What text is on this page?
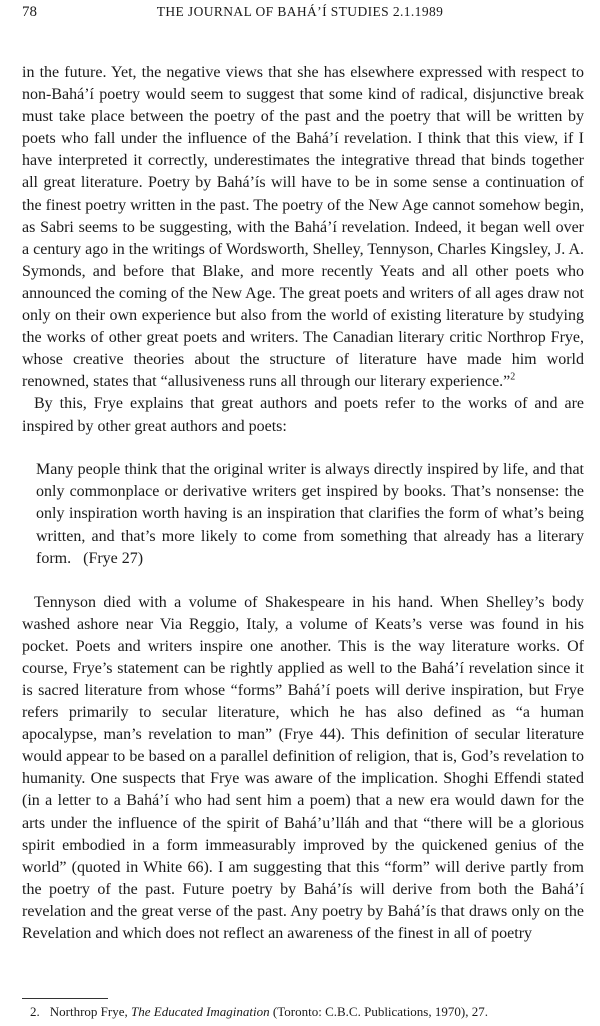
78	THE JOURNAL OF BAHÁ’Í STUDIES 2.1.1989

in the future. Yet, the negative views that she has elsewhere expressed with respect to non-Bahá’í poetry would seem to suggest that some kind of radical, disjunctive break must take place between the poetry of the past and the poetry that will be written by poets who fall under the influence of the Bahá’í revelation. I think that this view, if I have interpreted it correctly, underestimates the integrative thread that binds together all great literature. Poetry by Bahá’ís will have to be in some sense a continuation of the finest poetry written in the past. The poetry of the New Age cannot somehow begin, as Sabri seems to be suggesting, with the Bahá’í revelation. Indeed, it began well over a century ago in the writings of Wordsworth, Shelley, Tennyson, Charles Kingsley, J. A. Symonds, and before that Blake, and more recently Yeats and all other poets who announced the coming of the New Age. The great poets and writers of all ages draw not only on their own experience but also from the world of existing literature by studying the works of other great poets and writers. The Canadian literary critic Northrop Frye, whose creative theories about the structure of literature have made him world renowned, states that “allusiveness runs all through our literary experience.”$^2$

By this, Frye explains that great authors and poets refer to the works of and are inspired by other great authors and poets:

Many people think that the original writer is always directly inspired by life, and that only commonplace or derivative writers get inspired by books. That’s nonsense: the only inspiration worth having is an inspiration that clarifies the form of what’s being written, and that’s more likely to come from something that already has a literary form. (Frye 27)

Tennyson died with a volume of Shakespeare in his hand. When Shelley’s body washed ashore near Via Reggio, Italy, a volume of Keats’s verse was found in his pocket. Poets and writers inspire one another. This is the way literature works. Of course, Frye’s statement can be rightly applied as well to the Bahá’í revelation since it is sacred literature from whose “forms” Bahá’í poets will derive inspiration, but Frye refers primarily to secular literature, which he has also defined as “a human apocalypse, man’s revelation to man” (Frye 44). This definition of secular literature would appear to be based on a parallel definition of religion, that is, God’s revelation to humanity. One suspects that Frye was aware of the implication. Shoghi Effendi stated (in a letter to a Bahá’í who had sent him a poem) that a new era would dawn for the arts under the influence of the spirit of Bahá’u’lláh and that “there will be a glorious spirit embodied in a form immeasurably improved by the quickened genius of the world” (quoted in White 66). I am suggesting that this “form” will derive partly from the poetry of the past. Future poetry by Bahá’ís will derive from both the Bahá’í revelation and the great verse of the past. Any poetry by Bahá’ís that draws only on the Revelation and which does not reflect an awareness of the finest in all of poetry

2. Northrop Frye, The Educated Imagination (Toronto: C.B.C. Publications, 1970), 27.
